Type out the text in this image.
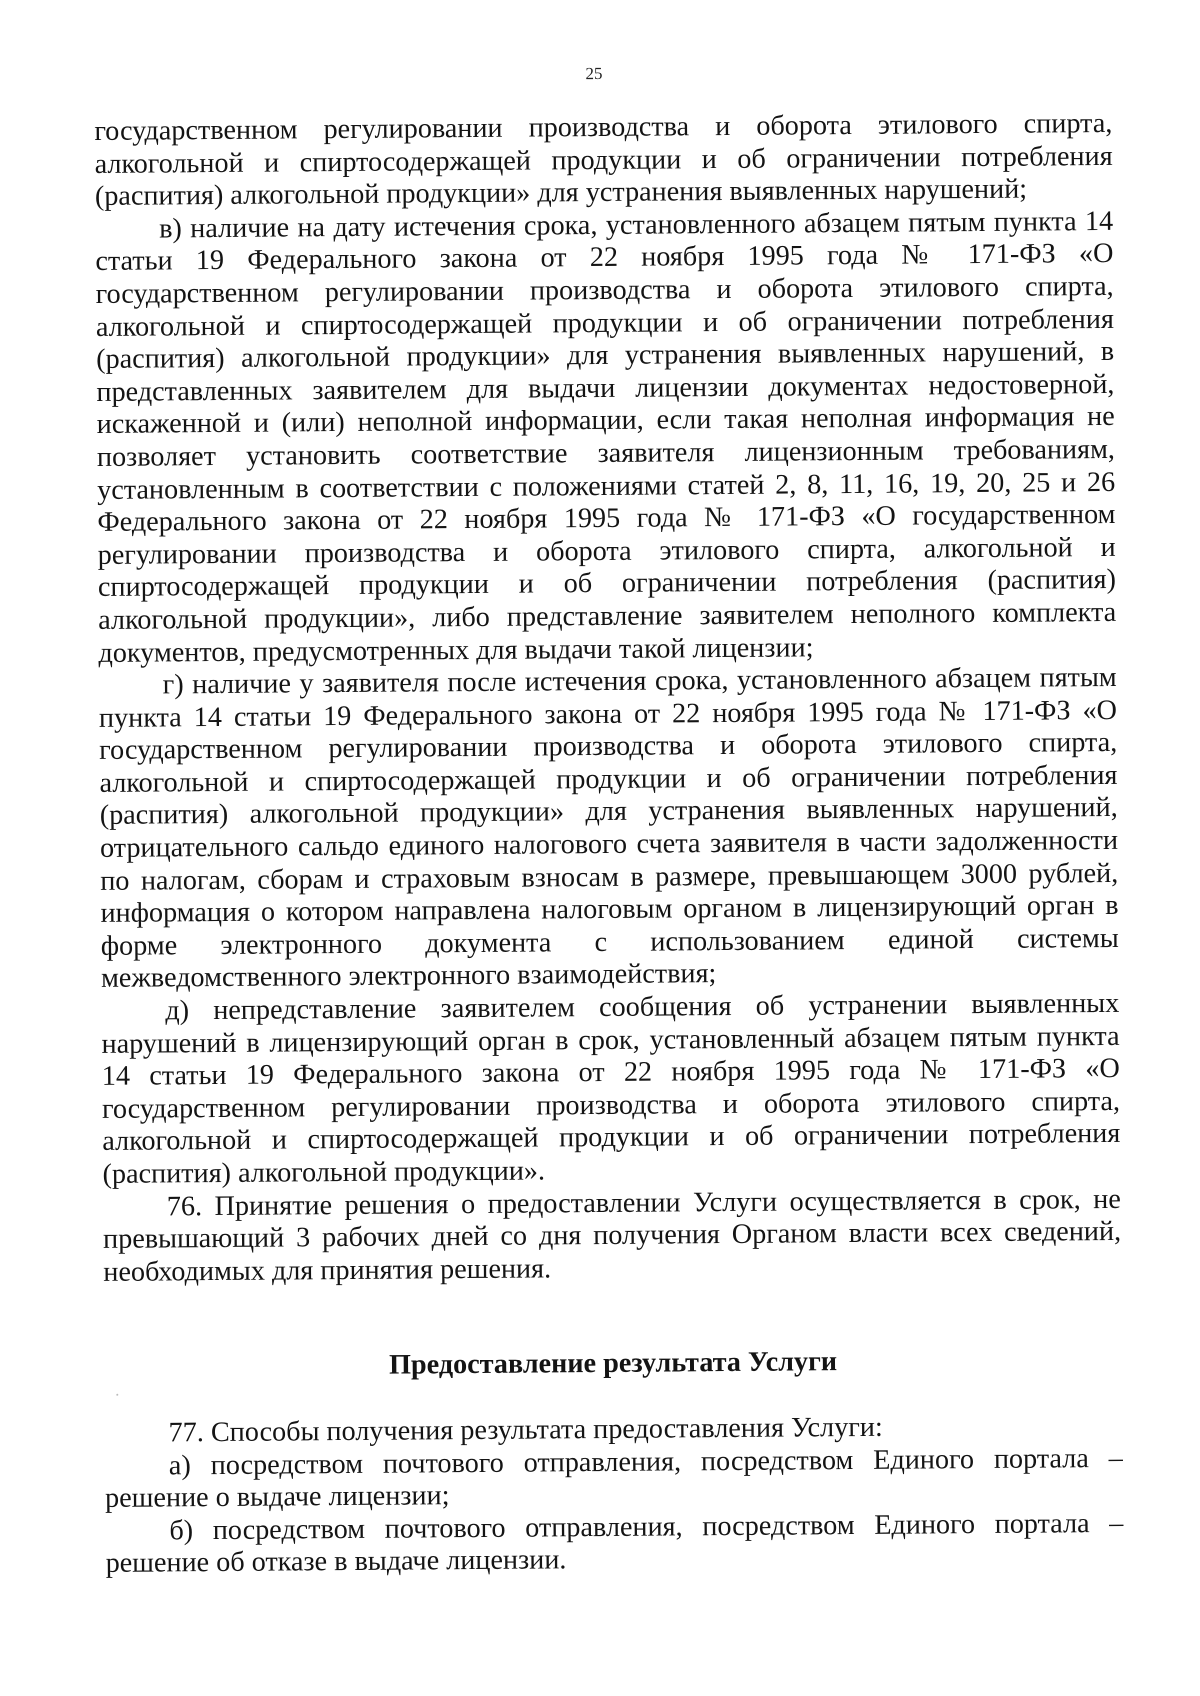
25

государственном регулировании производства и оборота этилового спирта, алкогольной и спиртосодержащей продукции и об ограничении потребления (распития) алкогольной продукции» для устранения выявленных нарушений;

в) наличие на дату истечения срока, установленного абзацем пятым пункта 14 статьи 19 Федерального закона от 22 ноября 1995 года № 171-ФЗ «О государственном регулировании производства и оборота этилового спирта, алкогольной и спиртосодержащей продукции и об ограничении потребления (распития) алкогольной продукции» для устранения выявленных нарушений, в представленных заявителем для выдачи лицензии документах недостоверной, искаженной и (или) неполной информации, если такая неполная информация не позволяет установить соответствие заявителя лицензионным требованиям, установленным в соответствии с положениями статей 2, 8, 11, 16, 19, 20, 25 и 26 Федерального закона от 22 ноября 1995 года № 171-ФЗ «О государственном регулировании производства и оборота этилового спирта, алкогольной и спиртосодержащей продукции и об ограничении потребления (распития) алкогольной продукции», либо представление заявителем неполного комплекта документов, предусмотренных для выдачи такой лицензии;

г) наличие у заявителя после истечения срока, установленного абзацем пятым пункта 14 статьи 19 Федерального закона от 22 ноября 1995 года № 171-ФЗ «О государственном регулировании производства и оборота этилового спирта, алкогольной и спиртосодержащей продукции и об ограничении потребления (распития) алкогольной продукции» для устранения выявленных нарушений, отрицательного сальдо единого налогового счета заявителя в части задолженности по налогам, сборам и страховым взносам в размере, превышающем 3000 рублей, информация о котором направлена налоговым органом в лицензирующий орган в форме электронного документа с использованием единой системы межведомственного электронного взаимодействия;

д) непредставление заявителем сообщения об устранении выявленных нарушений в лицензирующий орган в срок, установленный абзацем пятым пункта 14 статьи 19 Федерального закона от 22 ноября 1995 года № 171-ФЗ «О государственном регулировании производства и оборота этилового спирта, алкогольной и спиртосодержащей продукции и об ограничении потребления (распития) алкогольной продукции».

76. Принятие решения о предоставлении Услуги осуществляется в срок, не превышающий 3 рабочих дней со дня получения Органом власти всех сведений, необходимых для принятия решения.

Предоставление результата Услуги

77. Способы получения результата предоставления Услуги:

а) посредством почтового отправления, посредством Единого портала – решение о выдаче лицензии;

б) посредством почтового отправления, посредством Единого портала – решение об отказе в выдаче лицензии.
